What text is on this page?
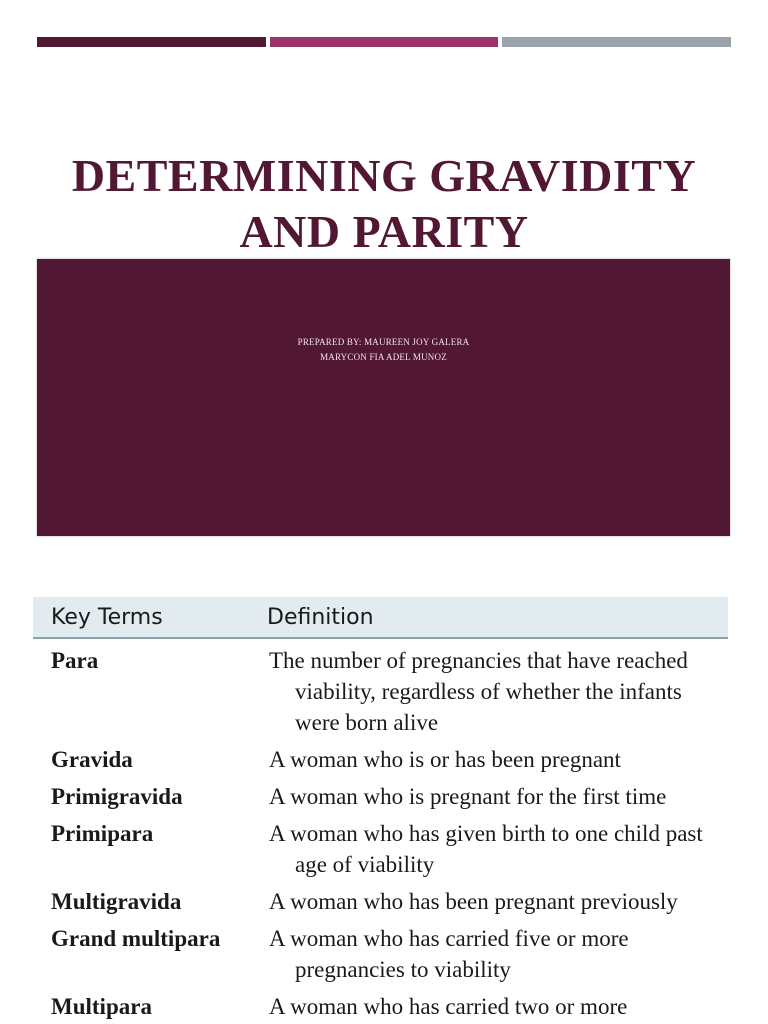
DETERMINING GRAVIDITY
AND PARITY
PREPARED BY: MAUREEN JOY GALERA
MARYCON FIA ADEL MUNOZ
Key Terms	Definition

Para	The number of pregnancies that have reached viability, regardless of whether the infants were born alive

Gravida	A woman who is or has been pregnant

Primigravida	A woman who is pregnant for the first time

Primipara	A woman who has given birth to one child past age of viability

Multigravida	A woman who has been pregnant previously

Grand multipara	A woman who has carried five or more pregnancies to viability

Multipara	A woman who has carried two or more
